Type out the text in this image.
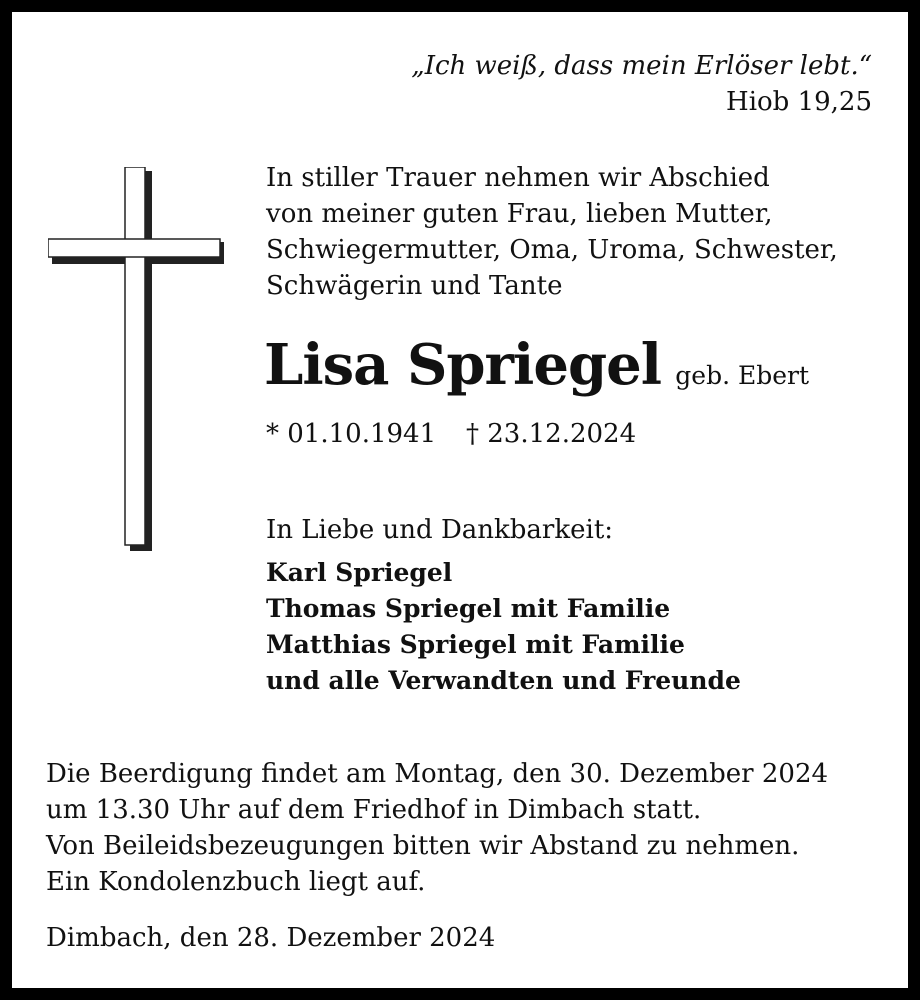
„Ich weiß, dass mein Erlöser lebt.“
Hiob 19,25
In stiller Trauer nehmen wir Abschied
von meiner guten Frau, lieben Mutter,
Schwiegermutter, Oma, Uroma, Schwester,
Schwägerin und Tante
Lisa Spriegel geb. Ebert
* 01.10.1941 † 23.12.2024
In Liebe und Dankbarkeit:
Karl Spriegel
Thomas Spriegel mit Familie
Matthias Spriegel mit Familie
und alle Verwandten und Freunde
Die Beerdigung findet am Montag, den 30. Dezember 2024
um 13.30 Uhr auf dem Friedhof in Dimbach statt.
Von Beileidsbezeugungen bitten wir Abstand zu nehmen.
Ein Kondolenzbuch liegt auf.
Dimbach, den 28. Dezember 2024
